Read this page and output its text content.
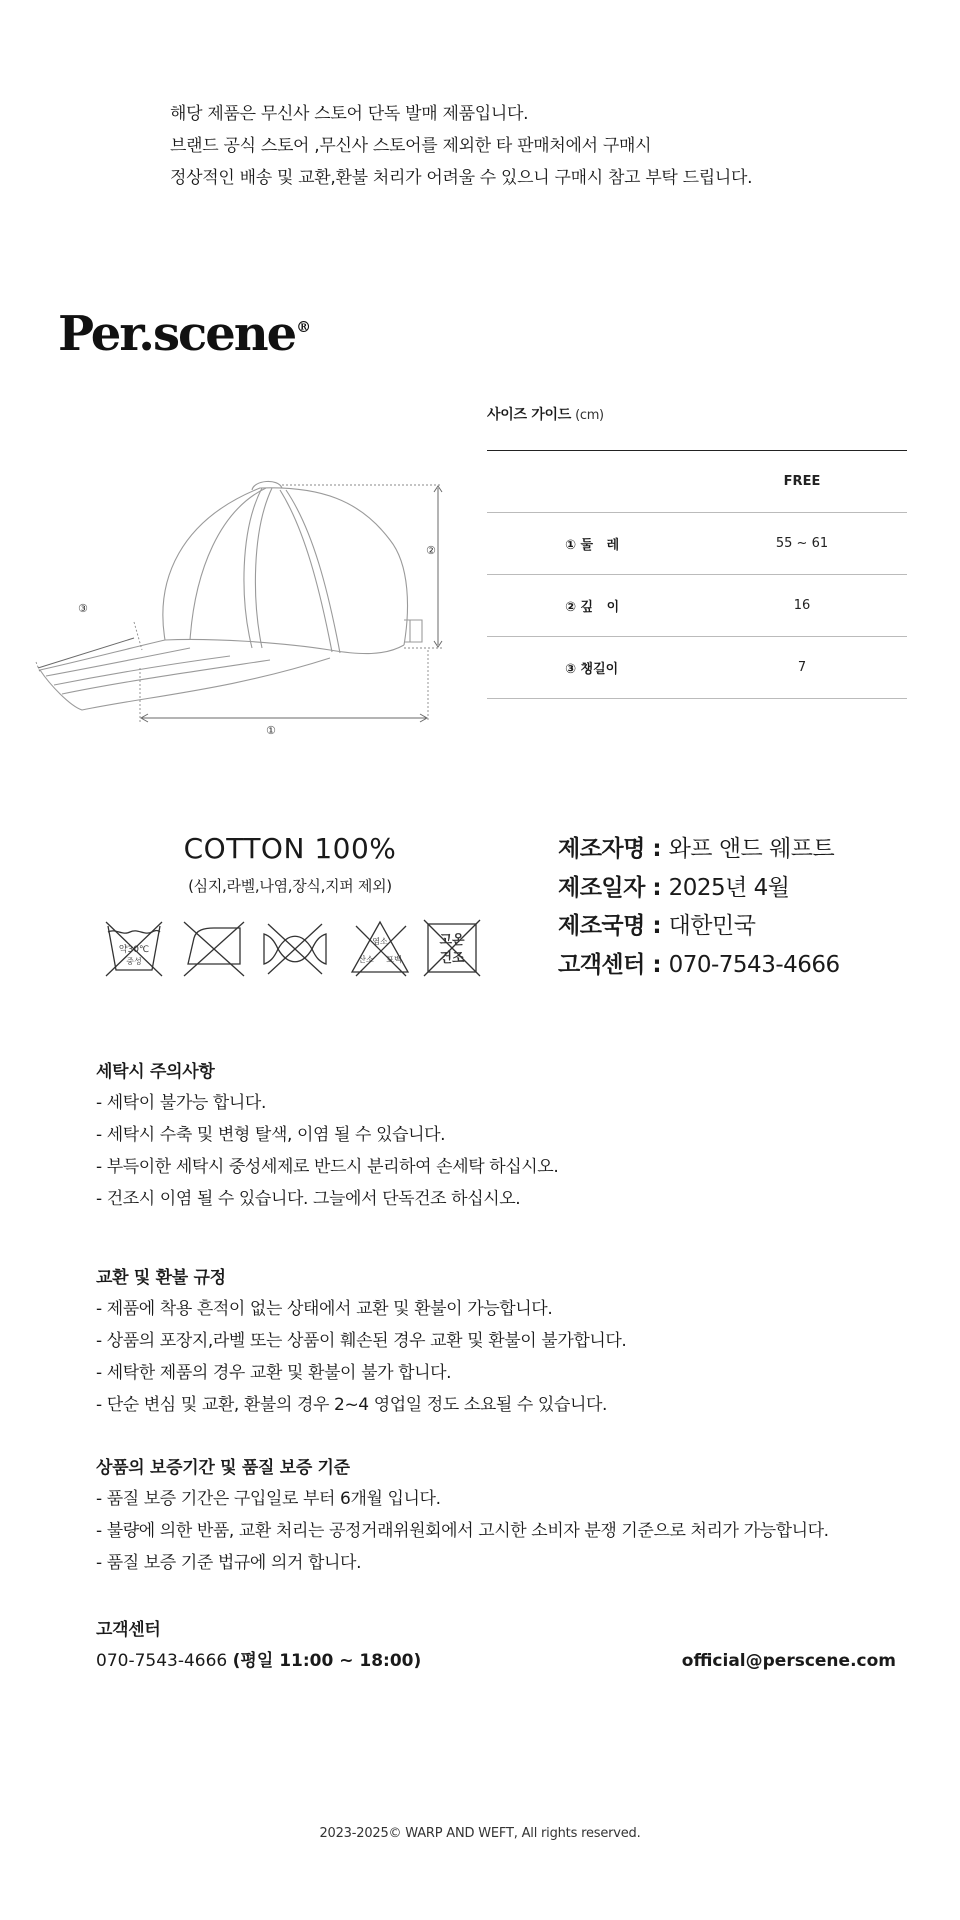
해당 제품은 무신사 스토어 단독 발매 제품입니다.

브랜드 공식 스토어 ,무신사 스토어를 제외한 타 판매처에서 구매시

정상적인 배송 및 교환,환불 처리가 어려울 수 있으니 구매시 참고 부탁 드립니다.

Per.scene®
②
①
③
사이즈 가이드 (cm)
FREE
① 둘   레	55 ~ 61
② 깊   이	16
③ 챙길이	7
COTTON 100%
(심지,라벨,나염,장식,지퍼 제외)
약30℃
중성
염소
산소 표백
고온
건조
제조자명 : 와프 앤드 웨프트
제조일자 : 2025년 4월
제조국명 : 대한민국
고객센터 : 070-7543-4666
세탁시 주의사항

- 세탁이 불가능 합니다.

- 세탁시 수축 및 변형 탈색, 이염 될 수 있습니다.

- 부득이한 세탁시 중성세제로 반드시 분리하여 손세탁 하십시오.

- 건조시 이염 될 수 있습니다. 그늘에서 단독건조 하십시오.

교환 및 환불 규정

- 제품에 착용 흔적이 없는 상태에서 교환 및 환불이 가능합니다.

- 상품의 포장지,라벨 또는 상품이 훼손된 경우 교환 및 환불이 불가합니다.

- 세탁한 제품의 경우 교환 및 환불이 불가 합니다.

- 단순 변심 및 교환, 환불의 경우 2~4 영업일 정도 소요될 수 있습니다.

상품의 보증기간 및 품질 보증 기준

- 품질 보증 기간은 구입일로 부터 6개월 입니다.

- 불량에 의한 반품, 교환 처리는 공정거래위원회에서 고시한 소비자 분쟁 기준으로 처리가 가능합니다.

- 품질 보증 기준 법규에 의거 합니다.

고객센터
070-7543-4666 (평일 11:00 ~ 18:00)	official@perscene.com
2023-2025© WARP AND WEFT, All rights reserved.
